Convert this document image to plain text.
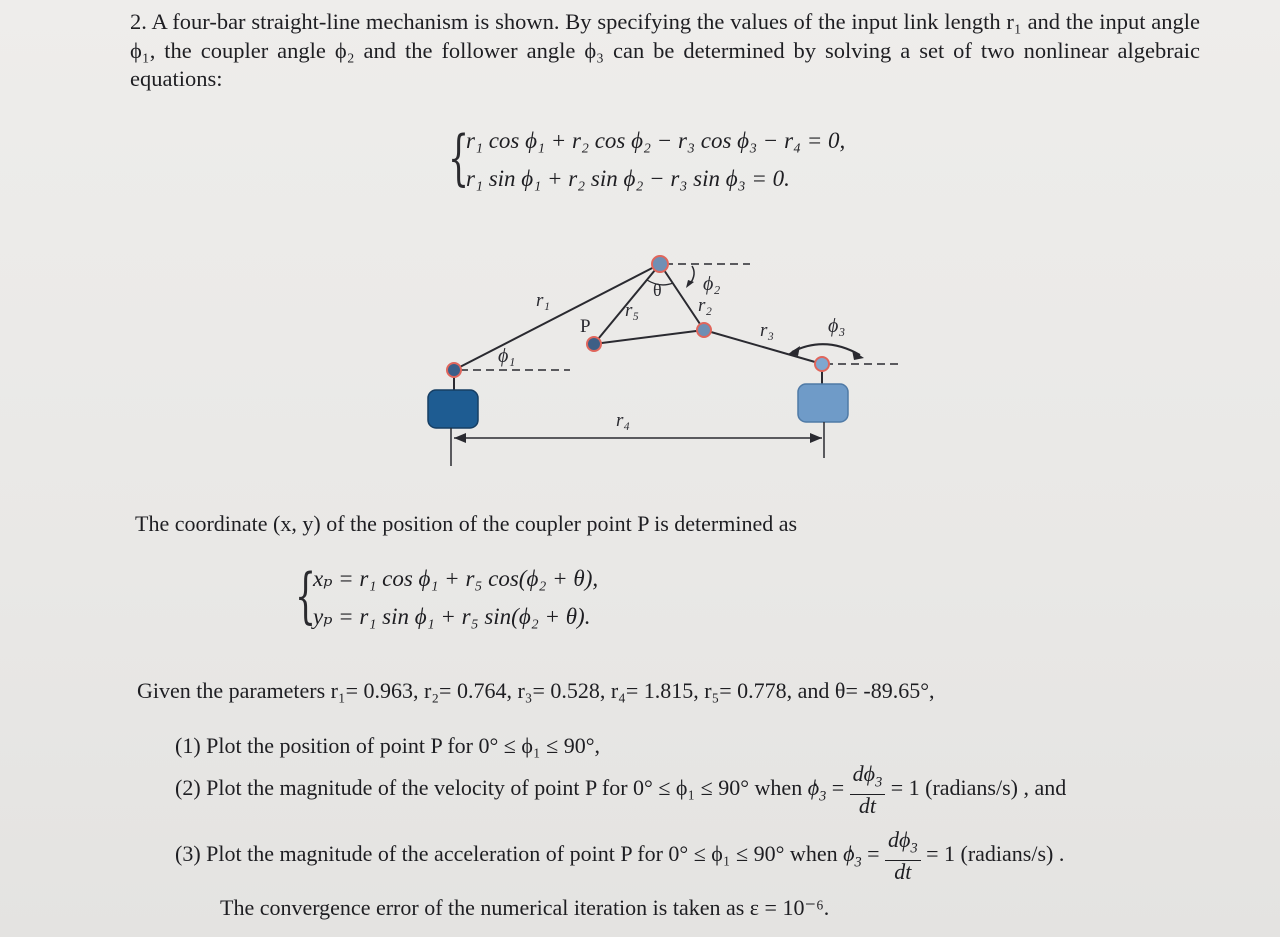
2. A four-bar straight-line mechanism is shown. By specifying the values of the input link length r₁ and the input angle ϕ₁, the coupler angle ϕ₂ and the follower angle ϕ₃ can be determined by solving a set of two nonlinear algebraic equations:
{
r₁ cos ϕ₁ + r₂ cos ϕ₂ − r₃ cos ϕ₃ − r₄ = 0,
r₁ sin ϕ₁ + r₂ sin ϕ₂ − r₃ sin ϕ₃ = 0.
r₁	r₅	r₂
r₃
r₄
P
θ
ϕ₁
ϕ₂
ϕ₃
The coordinate (x, y) of the position of the coupler point P is determined as
{
xₚ = r₁ cos ϕ₁ + r₅ cos(ϕ₂ + θ),
yₚ = r₁ sin ϕ₁ + r₅ sin(ϕ₂ + θ).
Given the parameters r₁= 0.963, r₂= 0.764, r₃= 0.528, r₄= 1.815, r₅= 0.778, and θ= -89.65°,
(1) Plot the position of point P for 0° ≤ ϕ₁ ≤ 90°,
(2) Plot the magnitude of the velocity of point P for 0° ≤ ϕ₁ ≤ 90° when · $\phi_3 = \frac{d\phi_3}{dt} = 1$ (radians/s) , and
(3) Plot the magnitude of the acceleration of point P for 0° ≤ ϕ₁ ≤ 90° when · $\phi_3 = \frac{d\phi_3}{dt} = 1$ (radians/s) .
The convergence error of the numerical iteration is taken as ε = 10⁻⁶.
